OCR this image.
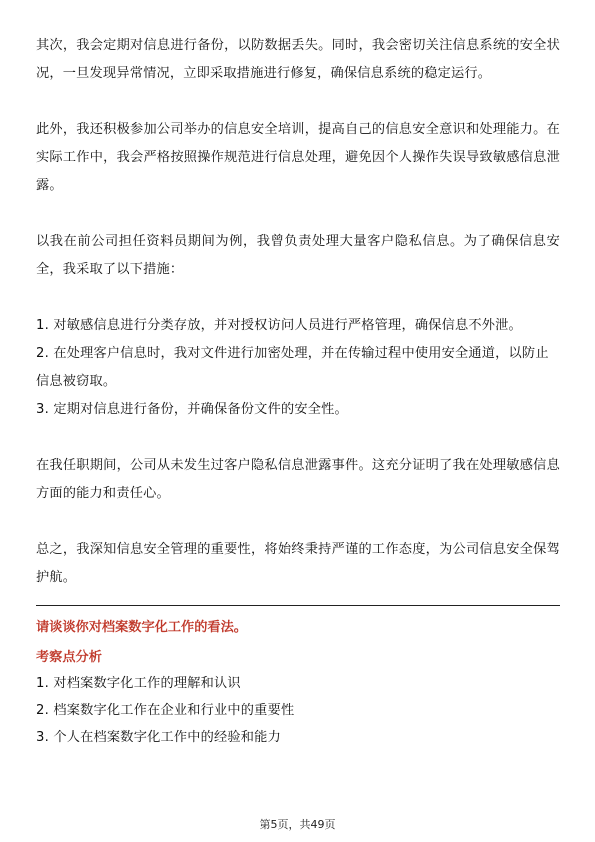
其次，我会定期对信息进行备份，以防数据丢失。同时，我会密切关注信息系统的安全状况，一旦发现异常情况，立即采取措施进行修复，确保信息系统的稳定运行。

此外，我还积极参加公司举办的信息安全培训，提高自己的信息安全意识和处理能力。在实际工作中，我会严格按照操作规范进行信息处理，避免因个人操作失误导致敏感信息泄露。

以我在前公司担任资料员期间为例，我曾负责处理大量客户隐私信息。为了确保信息安全，我采取了以下措施：

1. 对敏感信息进行分类存放，并对授权访问人员进行严格管理，确保信息不外泄。

2. 在处理客户信息时，我对文件进行加密处理，并在传输过程中使用安全通道，以防止信息被窃取。

3. 定期对信息进行备份，并确保备份文件的安全性。

在我任职期间，公司从未发生过客户隐私信息泄露事件。这充分证明了我在处理敏感信息方面的能力和责任心。

总之，我深知信息安全管理的重要性，将始终秉持严谨的工作态度，为公司信息安全保驾护航。

请谈谈你对档案数字化工作的看法。

考察点分析

1. 对档案数字化工作的理解和认识

2. 档案数字化工作在企业和行业中的重要性

3. 个人在档案数字化工作中的经验和能力

第5页，共49页
